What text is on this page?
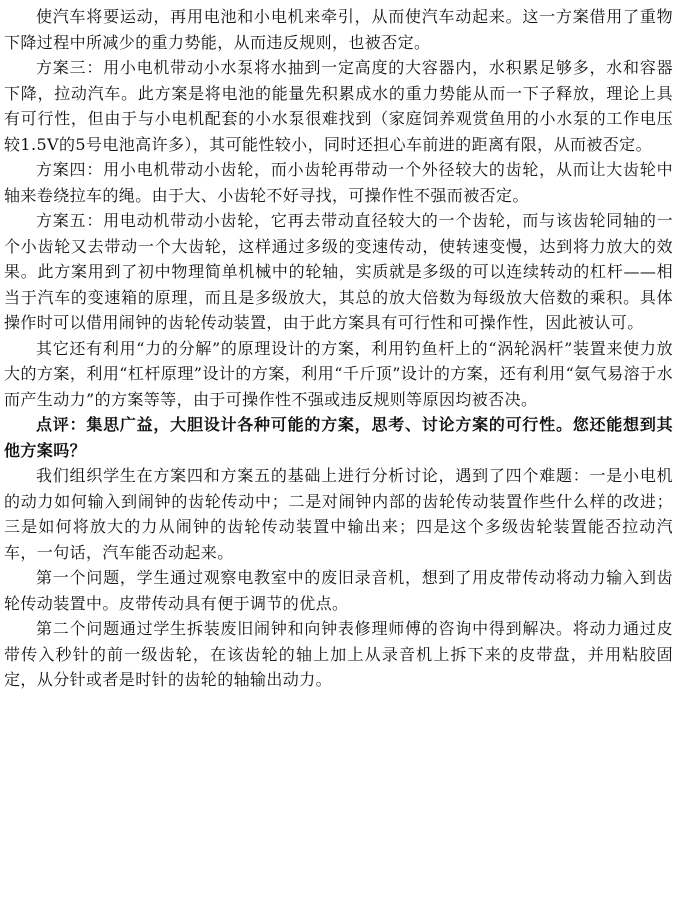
使汽车将要运动，再用电池和小电机来牵引，从而使汽车动起来。这一方案借用了重物下降过程中所减少的重力势能，从而违反规则，也被否定。

方案三：用小电机带动小水泵将水抽到一定高度的大容器内，水积累足够多，水和容器下降，拉动汽车。此方案是将电池的能量先积累成水的重力势能从而一下子释放，理论上具有可行性，但由于与小电机配套的小水泵很难找到（家庭饲养观赏鱼用的小水泵的工作电压较1.5V的5号电池高许多），其可能性较小，同时还担心车前进的距离有限，从而被否定。

方案四：用小电机带动小齿轮，而小齿轮再带动一个外径较大的齿轮，从而让大齿轮中轴来卷绕拉车的绳。由于大、小齿轮不好寻找，可操作性不强而被否定。

方案五：用电动机带动小齿轮，它再去带动直径较大的一个齿轮，而与该齿轮同轴的一个小齿轮又去带动一个大齿轮，这样通过多级的变速传动，使转速变慢，达到将力放大的效果。此方案用到了初中物理简单机械中的轮轴，实质就是多级的可以连续转动的杠杆——相当于汽车的变速箱的原理，而且是多级放大，其总的放大倍数为每级放大倍数的乘积。具体操作时可以借用闹钟的齿轮传动装置，由于此方案具有可行性和可操作性，因此被认可。

其它还有利用“力的分解”的原理设计的方案，利用钓鱼杆上的“涡轮涡杆”装置来使力放大的方案，利用“杠杆原理”设计的方案，利用“千斤顶”设计的方案，还有利用“氨气易溶于水而产生动力”的方案等等，由于可操作性不强或违反规则等原因均被否决。

点评：集思广益，大胆设计各种可能的方案，思考、讨论方案的可行性。您还能想到其他方案吗？

我们组织学生在方案四和方案五的基础上进行分析讨论，遇到了四个难题：一是小电机的动力如何输入到闹钟的齿轮传动中；二是对闹钟内部的齿轮传动装置作些什么样的改进；三是如何将放大的力从闹钟的齿轮传动装置中输出来；四是这个多级齿轮装置能否拉动汽车，一句话，汽车能否动起来。

第一个问题，学生通过观察电教室中的废旧录音机，想到了用皮带传动将动力输入到齿轮传动装置中。皮带传动具有便于调节的优点。

第二个问题通过学生拆装废旧闹钟和向钟表修理师傅的咨询中得到解决。将动力通过皮带传入秒针的前一级齿轮，在该齿轮的轴上加上从录音机上拆下来的皮带盘，并用粘胶固定，从分针或者是时针的齿轮的轴输出动力。
